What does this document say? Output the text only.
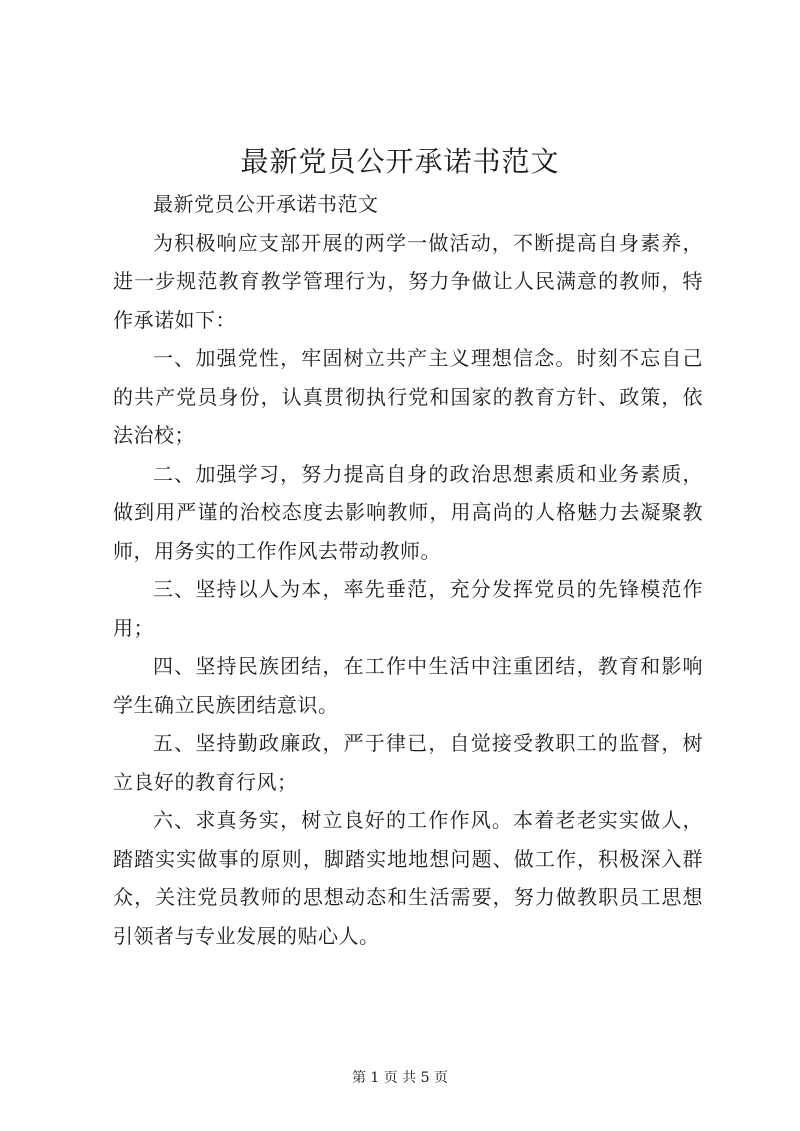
最新党员公开承诺书范文

最新党员公开承诺书范文

为积极响应支部开展的两学一做活动，不断提高自身素养，进一步规范教育教学管理行为，努力争做让人民满意的教师，特作承诺如下：

一、加强党性，牢固树立共产主义理想信念。时刻不忘自己的共产党员身份，认真贯彻执行党和国家的教育方针、政策，依法治校；

二、加强学习，努力提高自身的政治思想素质和业务素质，做到用严谨的治校态度去影响教师，用高尚的人格魅力去凝聚教师，用务实的工作作风去带动教师。

三、坚持以人为本，率先垂范，充分发挥党员的先锋模范作用；

四、坚持民族团结，在工作中生活中注重团结，教育和影响学生确立民族团结意识。

五、坚持勤政廉政，严于律已，自觉接受教职工的监督，树立良好的教育行风；

六、求真务实，树立良好的工作作风。本着老老实实做人，踏踏实实做事的原则，脚踏实地地想问题、做工作，积极深入群众，关注党员教师的思想动态和生活需要，努力做教职员工思想引领者与专业发展的贴心人。

第 1 页 共 5 页
